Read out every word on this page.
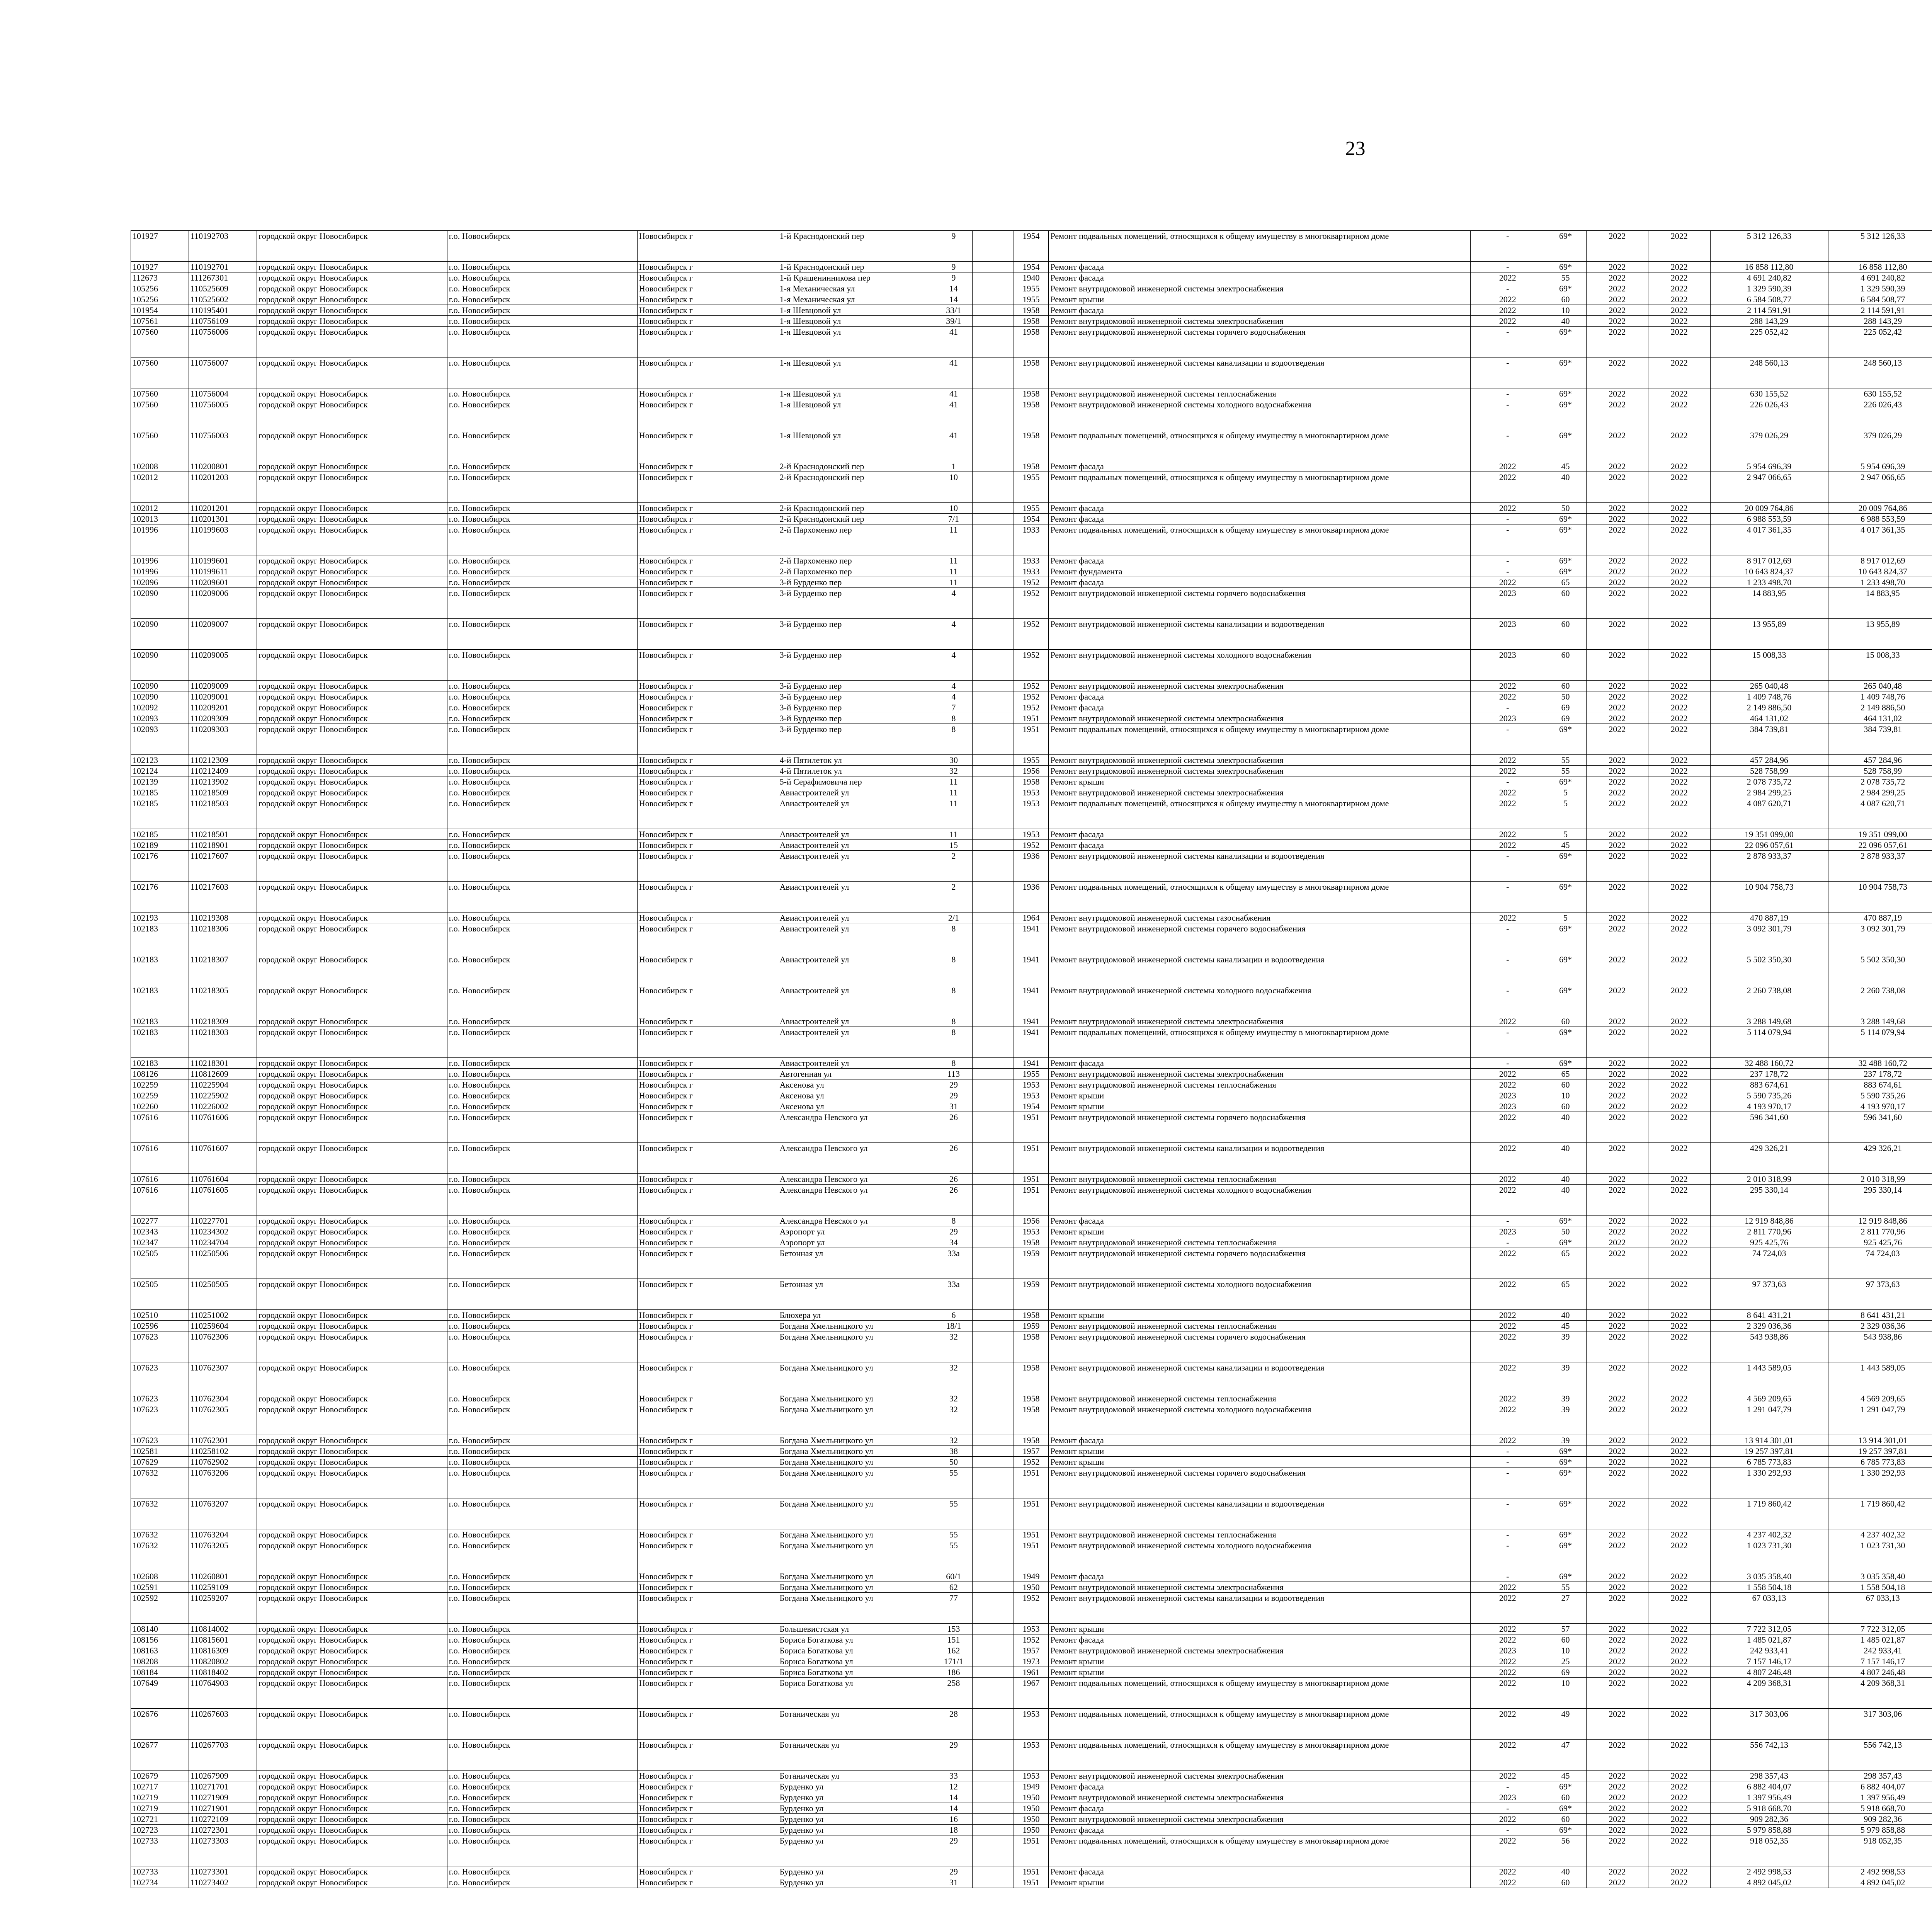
23
101927	110192703	городской округ Новосибирск	г.о. Новосибирск	Новосибирск г	1-й Краснодонский пер	9		1954	Ремонт подвальных помещений, относящихся к общему имуществу в многоквартирном доме	-	69*	2022	2022	5 312 126,33	5 312 126,33						
101927	110192701	городской округ Новосибирск	г.о. Новосибирск	Новосибирск г	1-й Краснодонский пер	9		1954	Ремонт фасада	-	69*	2022	2022	16 858 112,80	16 858 112,80						
112673	111267301	городской округ Новосибирск	г.о. Новосибирск	Новосибирск г	1-й Крашенинникова пер	9		1940	Ремонт фасада	2022	55	2022	2022	4 691 240,82	4 691 240,82						
105256	110525609	городской округ Новосибирск	г.о. Новосибирск	Новосибирск г	1-я Механическая ул	14		1955	Ремонт внутридомовой инженерной системы электроснабжения	-	69*	2022	2022	1 329 590,39	1 329 590,39						
105256	110525602	городской округ Новосибирск	г.о. Новосибирск	Новосибирск г	1-я Механическая ул	14		1955	Ремонт крыши	2022	60	2022	2022	6 584 508,77	6 584 508,77						
101954	110195401	городской округ Новосибирск	г.о. Новосибирск	Новосибирск г	1-я Шевцовой ул	33/1		1958	Ремонт фасада	2022	10	2022	2022	2 114 591,91	2 114 591,91						
107561	110756109	городской округ Новосибирск	г.о. Новосибирск	Новосибирск г	1-я Шевцовой ул	39/1		1958	Ремонт внутридомовой инженерной системы электроснабжения	2022	40	2022	2022	288 143,29	288 143,29						
107560	110756006	городской округ Новосибирск	г.о. Новосибирск	Новосибирск г	1-я Шевцовой ул	41		1958	Ремонт внутридомовой инженерной системы горячего водоснабжения	-	69*	2022	2022	225 052,42	225 052,42						
107560	110756007	городской округ Новосибирск	г.о. Новосибирск	Новосибирск г	1-я Шевцовой ул	41		1958	Ремонт внутридомовой инженерной системы канализации и водоотведения	-	69*	2022	2022	248 560,13	248 560,13						
107560	110756004	городской округ Новосибирск	г.о. Новосибирск	Новосибирск г	1-я Шевцовой ул	41		1958	Ремонт внутридомовой инженерной системы теплоснабжения	-	69*	2022	2022	630 155,52	630 155,52						
107560	110756005	городской округ Новосибирск	г.о. Новосибирск	Новосибирск г	1-я Шевцовой ул	41		1958	Ремонт внутридомовой инженерной системы холодного водоснабжения	-	69*	2022	2022	226 026,43	226 026,43						
107560	110756003	городской округ Новосибирск	г.о. Новосибирск	Новосибирск г	1-я Шевцовой ул	41		1958	Ремонт подвальных помещений, относящихся к общему имуществу в многоквартирном доме	-	69*	2022	2022	379 026,29	379 026,29						
102008	110200801	городской округ Новосибирск	г.о. Новосибирск	Новосибирск г	2-й Краснодонский пер	1		1958	Ремонт фасада	2022	45	2022	2022	5 954 696,39	5 954 696,39						
102012	110201203	городской округ Новосибирск	г.о. Новосибирск	Новосибирск г	2-й Краснодонский пер	10		1955	Ремонт подвальных помещений, относящихся к общему имуществу в многоквартирном доме	2022	40	2022	2022	2 947 066,65	2 947 066,65						
102012	110201201	городской округ Новосибирск	г.о. Новосибирск	Новосибирск г	2-й Краснодонский пер	10		1955	Ремонт фасада	2022	50	2022	2022	20 009 764,86	20 009 764,86						
102013	110201301	городской округ Новосибирск	г.о. Новосибирск	Новосибирск г	2-й Краснодонский пер	7/1		1954	Ремонт фасада	-	69*	2022	2022	6 988 553,59	6 988 553,59						
101996	110199603	городской округ Новосибирск	г.о. Новосибирск	Новосибирск г	2-й Пархоменко пер	11		1933	Ремонт подвальных помещений, относящихся к общему имуществу в многоквартирном доме	-	69*	2022	2022	4 017 361,35	4 017 361,35						
101996	110199601	городской округ Новосибирск	г.о. Новосибирск	Новосибирск г	2-й Пархоменко пер	11		1933	Ремонт фасада	-	69*	2022	2022	8 917 012,69	8 917 012,69						
101996	110199611	городской округ Новосибирск	г.о. Новосибирск	Новосибирск г	2-й Пархоменко пер	11		1933	Ремонт фундамента	-	69*	2022	2022	10 643 824,37	10 643 824,37						
102096	110209601	городской округ Новосибирск	г.о. Новосибирск	Новосибирск г	3-й Бурденко пер	11		1952	Ремонт фасада	2022	65	2022	2022	1 233 498,70	1 233 498,70						
102090	110209006	городской округ Новосибирск	г.о. Новосибирск	Новосибирск г	3-й Бурденко пер	4		1952	Ремонт внутридомовой инженерной системы горячего водоснабжения	2023	60	2022	2022	14 883,95	14 883,95						
102090	110209007	городской округ Новосибирск	г.о. Новосибирск	Новосибирск г	3-й Бурденко пер	4		1952	Ремонт внутридомовой инженерной системы канализации и водоотведения	2023	60	2022	2022	13 955,89	13 955,89						
102090	110209005	городской округ Новосибирск	г.о. Новосибирск	Новосибирск г	3-й Бурденко пер	4		1952	Ремонт внутридомовой инженерной системы холодного водоснабжения	2023	60	2022	2022	15 008,33	15 008,33						
102090	110209009	городской округ Новосибирск	г.о. Новосибирск	Новосибирск г	3-й Бурденко пер	4		1952	Ремонт внутридомовой инженерной системы электроснабжения	2022	60	2022	2022	265 040,48	265 040,48						
102090	110209001	городской округ Новосибирск	г.о. Новосибирск	Новосибирск г	3-й Бурденко пер	4		1952	Ремонт фасада	2022	50	2022	2022	1 409 748,76	1 409 748,76						
102092	110209201	городской округ Новосибирск	г.о. Новосибирск	Новосибирск г	3-й Бурденко пер	7		1952	Ремонт фасада	-	69	2022	2022	2 149 886,50	2 149 886,50						
102093	110209309	городской округ Новосибирск	г.о. Новосибирск	Новосибирск г	3-й Бурденко пер	8		1951	Ремонт внутридомовой инженерной системы электроснабжения	2023	69	2022	2022	464 131,02	464 131,02						
102093	110209303	городской округ Новосибирск	г.о. Новосибирск	Новосибирск г	3-й Бурденко пер	8		1951	Ремонт подвальных помещений, относящихся к общему имуществу в многоквартирном доме	-	69*	2022	2022	384 739,81	384 739,81						
102123	110212309	городской округ Новосибирск	г.о. Новосибирск	Новосибирск г	4-й Пятилеток ул	30		1955	Ремонт внутридомовой инженерной системы электроснабжения	2022	55	2022	2022	457 284,96	457 284,96						
102124	110212409	городской округ Новосибирск	г.о. Новосибирск	Новосибирск г	4-й Пятилеток ул	32		1956	Ремонт внутридомовой инженерной системы электроснабжения	2022	55	2022	2022	528 758,99	528 758,99						
102139	110213902	городской округ Новосибирск	г.о. Новосибирск	Новосибирск г	5-й Серафимовича пер	11		1958	Ремонт крыши	-	69*	2022	2022	2 078 735,72	2 078 735,72						
102185	110218509	городской округ Новосибирск	г.о. Новосибирск	Новосибирск г	Авиастроителей ул	11		1953	Ремонт внутридомовой инженерной системы электроснабжения	2022	5	2022	2022	2 984 299,25	2 984 299,25						
102185	110218503	городской округ Новосибирск	г.о. Новосибирск	Новосибирск г	Авиастроителей ул	11		1953	Ремонт подвальных помещений, относящихся к общему имуществу в многоквартирном доме	2022	5	2022	2022	4 087 620,71	4 087 620,71						
102185	110218501	городской округ Новосибирск	г.о. Новосибирск	Новосибирск г	Авиастроителей ул	11		1953	Ремонт фасада	2022	5	2022	2022	19 351 099,00	19 351 099,00						
102189	110218901	городской округ Новосибирск	г.о. Новосибирск	Новосибирск г	Авиастроителей ул	15		1952	Ремонт фасада	2022	45	2022	2022	22 096 057,61	22 096 057,61						
102176	110217607	городской округ Новосибирск	г.о. Новосибирск	Новосибирск г	Авиастроителей ул	2		1936	Ремонт внутридомовой инженерной системы канализации и водоотведения	-	69*	2022	2022	2 878 933,37	2 878 933,37						
102176	110217603	городской округ Новосибирск	г.о. Новосибирск	Новосибирск г	Авиастроителей ул	2		1936	Ремонт подвальных помещений, относящихся к общему имуществу в многоквартирном доме	-	69*	2022	2022	10 904 758,73	10 904 758,73						
102193	110219308	городской округ Новосибирск	г.о. Новосибирск	Новосибирск г	Авиастроителей ул	2/1		1964	Ремонт внутридомовой инженерной системы газоснабжения	2022	5	2022	2022	470 887,19	470 887,19						
102183	110218306	городской округ Новосибирск	г.о. Новосибирск	Новосибирск г	Авиастроителей ул	8		1941	Ремонт внутридомовой инженерной системы горячего водоснабжения	-	69*	2022	2022	3 092 301,79	3 092 301,79						
102183	110218307	городской округ Новосибирск	г.о. Новосибирск	Новосибирск г	Авиастроителей ул	8		1941	Ремонт внутридомовой инженерной системы канализации и водоотведения	-	69*	2022	2022	5 502 350,30	5 502 350,30						
102183	110218305	городской округ Новосибирск	г.о. Новосибирск	Новосибирск г	Авиастроителей ул	8		1941	Ремонт внутридомовой инженерной системы холодного водоснабжения	-	69*	2022	2022	2 260 738,08	2 260 738,08						
102183	110218309	городской округ Новосибирск	г.о. Новосибирск	Новосибирск г	Авиастроителей ул	8		1941	Ремонт внутридомовой инженерной системы электроснабжения	2022	60	2022	2022	3 288 149,68	3 288 149,68						
102183	110218303	городской округ Новосибирск	г.о. Новосибирск	Новосибирск г	Авиастроителей ул	8		1941	Ремонт подвальных помещений, относящихся к общему имуществу в многоквартирном доме	-	69*	2022	2022	5 114 079,94	5 114 079,94						
102183	110218301	городской округ Новосибирск	г.о. Новосибирск	Новосибирск г	Авиастроителей ул	8		1941	Ремонт фасада	-	69*	2022	2022	32 488 160,72	32 488 160,72						
108126	110812609	городской округ Новосибирск	г.о. Новосибирск	Новосибирск г	Автогенная ул	113		1955	Ремонт внутридомовой инженерной системы электроснабжения	2022	65	2022	2022	237 178,72	237 178,72						
102259	110225904	городской округ Новосибирск	г.о. Новосибирск	Новосибирск г	Аксенова ул	29		1953	Ремонт внутридомовой инженерной системы теплоснабжения	2022	60	2022	2022	883 674,61	883 674,61						
102259	110225902	городской округ Новосибирск	г.о. Новосибирск	Новосибирск г	Аксенова ул	29		1953	Ремонт крыши	2023	10	2022	2022	5 590 735,26	5 590 735,26						
102260	110226002	городской округ Новосибирск	г.о. Новосибирск	Новосибирск г	Аксенова ул	31		1954	Ремонт крыши	2023	60	2022	2022	4 193 970,17	4 193 970,17						
107616	110761606	городской округ Новосибирск	г.о. Новосибирск	Новосибирск г	Александра Невского ул	26		1951	Ремонт внутридомовой инженерной системы горячего водоснабжения	2022	40	2022	2022	596 341,60	596 341,60						
107616	110761607	городской округ Новосибирск	г.о. Новосибирск	Новосибирск г	Александра Невского ул	26		1951	Ремонт внутридомовой инженерной системы канализации и водоотведения	2022	40	2022	2022	429 326,21	429 326,21						
107616	110761604	городской округ Новосибирск	г.о. Новосибирск	Новосибирск г	Александра Невского ул	26		1951	Ремонт внутридомовой инженерной системы теплоснабжения	2022	40	2022	2022	2 010 318,99	2 010 318,99						
107616	110761605	городской округ Новосибирск	г.о. Новосибирск	Новосибирск г	Александра Невского ул	26		1951	Ремонт внутридомовой инженерной системы холодного водоснабжения	2022	40	2022	2022	295 330,14	295 330,14						
102277	110227701	городской округ Новосибирск	г.о. Новосибирск	Новосибирск г	Александра Невского ул	8		1956	Ремонт фасада	-	69*	2022	2022	12 919 848,86	12 919 848,86						
102343	110234302	городской округ Новосибирск	г.о. Новосибирск	Новосибирск г	Аэропорт ул	29		1953	Ремонт крыши	2023	50	2022	2022	2 811 770,96	2 811 770,96						
102347	110234704	городской округ Новосибирск	г.о. Новосибирск	Новосибирск г	Аэропорт ул	34		1958	Ремонт внутридомовой инженерной системы теплоснабжения	-	69*	2022	2022	925 425,76	925 425,76						
102505	110250506	городской округ Новосибирск	г.о. Новосибирск	Новосибирск г	Бетонная ул	33а		1959	Ремонт внутридомовой инженерной системы горячего водоснабжения	2022	65	2022	2022	74 724,03	74 724,03						
102505	110250505	городской округ Новосибирск	г.о. Новосибирск	Новосибирск г	Бетонная ул	33а		1959	Ремонт внутридомовой инженерной системы холодного водоснабжения	2022	65	2022	2022	97 373,63	97 373,63						
102510	110251002	городской округ Новосибирск	г.о. Новосибирск	Новосибирск г	Блюхера ул	6		1958	Ремонт крыши	2022	40	2022	2022	8 641 431,21	8 641 431,21						
102596	110259604	городской округ Новосибирск	г.о. Новосибирск	Новосибирск г	Богдана Хмельницкого ул	18/1		1959	Ремонт внутридомовой инженерной системы теплоснабжения	2022	45	2022	2022	2 329 036,36	2 329 036,36						
107623	110762306	городской округ Новосибирск	г.о. Новосибирск	Новосибирск г	Богдана Хмельницкого ул	32		1958	Ремонт внутридомовой инженерной системы горячего водоснабжения	2022	39	2022	2022	543 938,86	543 938,86						
107623	110762307	городской округ Новосибирск	г.о. Новосибирск	Новосибирск г	Богдана Хмельницкого ул	32		1958	Ремонт внутридомовой инженерной системы канализации и водоотведения	2022	39	2022	2022	1 443 589,05	1 443 589,05						
107623	110762304	городской округ Новосибирск	г.о. Новосибирск	Новосибирск г	Богдана Хмельницкого ул	32		1958	Ремонт внутридомовой инженерной системы теплоснабжения	2022	39	2022	2022	4 569 209,65	4 569 209,65						
107623	110762305	городской округ Новосибирск	г.о. Новосибирск	Новосибирск г	Богдана Хмельницкого ул	32		1958	Ремонт внутридомовой инженерной системы холодного водоснабжения	2022	39	2022	2022	1 291 047,79	1 291 047,79						
107623	110762301	городской округ Новосибирск	г.о. Новосибирск	Новосибирск г	Богдана Хмельницкого ул	32		1958	Ремонт фасада	2022	39	2022	2022	13 914 301,01	13 914 301,01						
102581	110258102	городской округ Новосибирск	г.о. Новосибирск	Новосибирск г	Богдана Хмельницкого ул	38		1957	Ремонт крыши	-	69*	2022	2022	19 257 397,81	19 257 397,81						
107629	110762902	городской округ Новосибирск	г.о. Новосибирск	Новосибирск г	Богдана Хмельницкого ул	50		1952	Ремонт крыши	-	69*	2022	2022	6 785 773,83	6 785 773,83						
107632	110763206	городской округ Новосибирск	г.о. Новосибирск	Новосибирск г	Богдана Хмельницкого ул	55		1951	Ремонт внутридомовой инженерной системы горячего водоснабжения	-	69*	2022	2022	1 330 292,93	1 330 292,93						
107632	110763207	городской округ Новосибирск	г.о. Новосибирск	Новосибирск г	Богдана Хмельницкого ул	55		1951	Ремонт внутридомовой инженерной системы канализации и водоотведения	-	69*	2022	2022	1 719 860,42	1 719 860,42						
107632	110763204	городской округ Новосибирск	г.о. Новосибирск	Новосибирск г	Богдана Хмельницкого ул	55		1951	Ремонт внутридомовой инженерной системы теплоснабжения	-	69*	2022	2022	4 237 402,32	4 237 402,32						
107632	110763205	городской округ Новосибирск	г.о. Новосибирск	Новосибирск г	Богдана Хмельницкого ул	55		1951	Ремонт внутридомовой инженерной системы холодного водоснабжения	-	69*	2022	2022	1 023 731,30	1 023 731,30						
102608	110260801	городской округ Новосибирск	г.о. Новосибирск	Новосибирск г	Богдана Хмельницкого ул	60/1		1949	Ремонт фасада	-	69*	2022	2022	3 035 358,40	3 035 358,40						
102591	110259109	городской округ Новосибирск	г.о. Новосибирск	Новосибирск г	Богдана Хмельницкого ул	62		1950	Ремонт внутридомовой инженерной системы электроснабжения	2022	55	2022	2022	1 558 504,18	1 558 504,18						
102592	110259207	городской округ Новосибирск	г.о. Новосибирск	Новосибирск г	Богдана Хмельницкого ул	77		1952	Ремонт внутридомовой инженерной системы канализации и водоотведения	2022	27	2022	2022	67 033,13	67 033,13						
108140	110814002	городской округ Новосибирск	г.о. Новосибирск	Новосибирск г	Большевистская ул	153		1953	Ремонт крыши	2022	57	2022	2022	7 722 312,05	7 722 312,05						
108156	110815601	городской округ Новосибирск	г.о. Новосибирск	Новосибирск г	Бориса Богаткова ул	151		1952	Ремонт фасада	2022	60	2022	2022	1 485 021,87	1 485 021,87						
108163	110816309	городской округ Новосибирск	г.о. Новосибирск	Новосибирск г	Бориса Богаткова ул	162		1957	Ремонт внутридомовой инженерной системы электроснабжения	2023	10	2022	2022	242 933,41	242 933,41						
108208	110820802	городской округ Новосибирск	г.о. Новосибирск	Новосибирск г	Бориса Богаткова ул	171/1		1973	Ремонт крыши	2022	25	2022	2022	7 157 146,17	7 157 146,17						
108184	110818402	городской округ Новосибирск	г.о. Новосибирск	Новосибирск г	Бориса Богаткова ул	186		1961	Ремонт крыши	2022	69	2022	2022	4 807 246,48	4 807 246,48						
107649	110764903	городской округ Новосибирск	г.о. Новосибирск	Новосибирск г	Бориса Богаткова ул	258		1967	Ремонт подвальных помещений, относящихся к общему имуществу в многоквартирном доме	2022	10	2022	2022	4 209 368,31	4 209 368,31						
102676	110267603	городской округ Новосибирск	г.о. Новосибирск	Новосибирск г	Ботаническая ул	28		1953	Ремонт подвальных помещений, относящихся к общему имуществу в многоквартирном доме	2022	49	2022	2022	317 303,06	317 303,06						
102677	110267703	городской округ Новосибирск	г.о. Новосибирск	Новосибирск г	Ботаническая ул	29		1953	Ремонт подвальных помещений, относящихся к общему имуществу в многоквартирном доме	2022	47	2022	2022	556 742,13	556 742,13						
102679	110267909	городской округ Новосибирск	г.о. Новосибирск	Новосибирск г	Ботаническая ул	33		1953	Ремонт внутридомовой инженерной системы электроснабжения	2022	45	2022	2022	298 357,43	298 357,43						
102717	110271701	городской округ Новосибирск	г.о. Новосибирск	Новосибирск г	Бурденко ул	12		1949	Ремонт фасада	-	69*	2022	2022	6 882 404,07	6 882 404,07						
102719	110271909	городской округ Новосибирск	г.о. Новосибирск	Новосибирск г	Бурденко ул	14		1950	Ремонт внутридомовой инженерной системы электроснабжения	2023	60	2022	2022	1 397 956,49	1 397 956,49						
102719	110271901	городской округ Новосибирск	г.о. Новосибирск	Новосибирск г	Бурденко ул	14		1950	Ремонт фасада	-	69*	2022	2022	5 918 668,70	5 918 668,70						
102721	110272109	городской округ Новосибирск	г.о. Новосибирск	Новосибирск г	Бурденко ул	16		1950	Ремонт внутридомовой инженерной системы электроснабжения	2022	60	2022	2022	909 282,36	909 282,36						
102723	110272301	городской округ Новосибирск	г.о. Новосибирск	Новосибирск г	Бурденко ул	18		1950	Ремонт фасада	-	69*	2022	2022	5 979 858,88	5 979 858,88						
102733	110273303	городской округ Новосибирск	г.о. Новосибирск	Новосибирск г	Бурденко ул	29		1951	Ремонт подвальных помещений, относящихся к общему имуществу в многоквартирном доме	2022	56	2022	2022	918 052,35	918 052,35						
102733	110273301	городской округ Новосибирск	г.о. Новосибирск	Новосибирск г	Бурденко ул	29		1951	Ремонт фасада	2022	40	2022	2022	2 492 998,53	2 492 998,53						
102734	110273402	городской округ Новосибирск	г.о. Новосибирск	Новосибирск г	Бурденко ул	31		1951	Ремонт крыши	2022	60	2022	2022	4 892 045,02	4 892 045,02						
